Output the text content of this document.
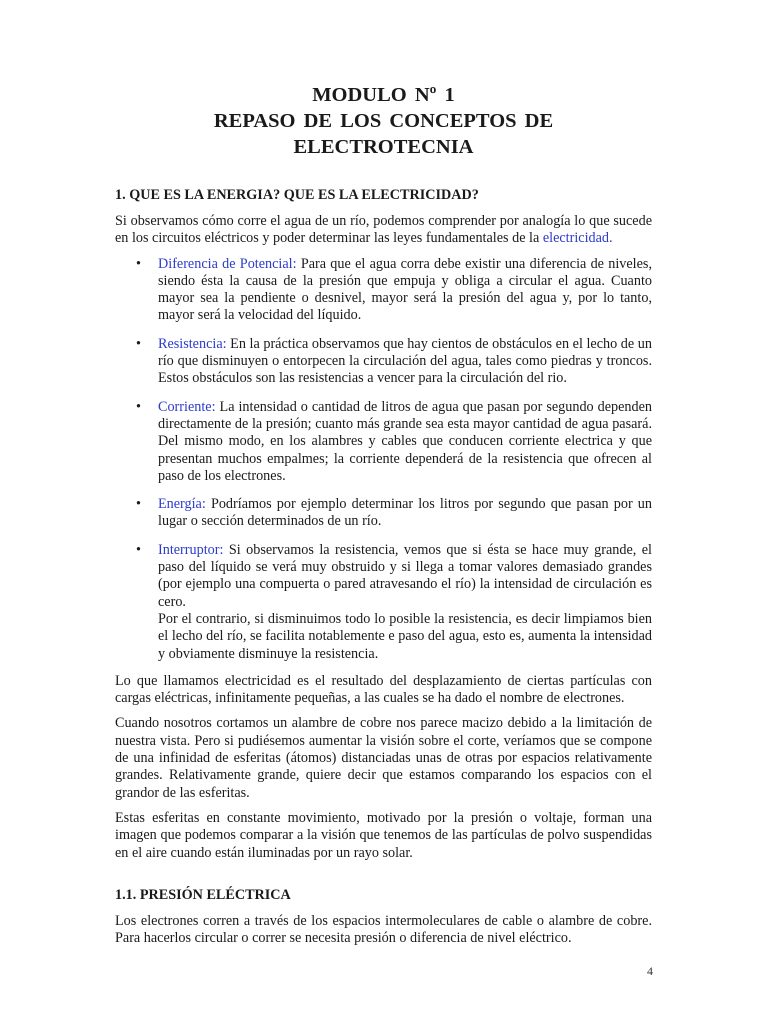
MODULO Nº 1
REPASO DE LOS CONCEPTOS DE
ELECTROTECNIA
1. QUE ES LA ENERGIA? QUE ES LA ELECTRICIDAD?

Si observamos cómo corre el agua de un río, podemos comprender por analogía lo que sucede en los circuitos eléctricos y poder determinar las leyes fundamentales de la electricidad.

• Diferencia de Potencial: Para que el agua corra debe existir una diferencia de niveles, siendo ésta la causa de la presión que empuja y obliga a circular el agua. Cuanto mayor sea la pendiente o desnivel, mayor será la presión del agua y, por lo tanto, mayor será la velocidad del líquido.
• Resistencia: En la práctica observamos que hay cientos de obstáculos en el lecho de un río que disminuyen o entorpecen la circulación del agua, tales como piedras y troncos. Estos obstáculos son las resistencias a vencer para la circulación del rio.
• Corriente: La intensidad o cantidad de litros de agua que pasan por segundo dependen directamente de la presión; cuanto más grande sea esta mayor cantidad de agua pasará. Del mismo modo, en los alambres y cables que conducen corriente electrica y que presentan muchos empalmes; la corriente dependerá de la resistencia que ofrecen al paso de los electrones.
• Energía: Podríamos por ejemplo determinar los litros por segundo que pasan por un lugar o sección determinados de un río.
• Interruptor: Si observamos la resistencia, vemos que si ésta se hace muy grande, el paso del líquido se verá muy obstruido y si llega a tomar valores demasiado grandes (por ejemplo una compuerta o pared atravesando el río) la intensidad de circulación es cero.
Por el contrario, si disminuimos todo lo posible la resistencia, es decir limpiamos bien el lecho del río, se facilita notablemente e paso del agua, esto es, aumenta la intensidad y obviamente disminuye la resistencia.

Lo que llamamos electricidad es el resultado del desplazamiento de ciertas partículas con cargas eléctricas, infinitamente pequeñas, a las cuales se ha dado el nombre de electrones.

Cuando nosotros cortamos un alambre de cobre nos parece macizo debido a la limitación de nuestra vista. Pero si pudiésemos aumentar la visión sobre el corte, veríamos que se compone de una infinidad de esferitas (átomos) distanciadas unas de otras por espacios relativamente grandes. Relativamente grande, quiere decir que estamos comparando los espacios con el grandor de las esferitas.

Estas esferitas en constante movimiento, motivado por la presión o voltaje, forman una imagen que podemos comparar a la visión que tenemos de las partículas de polvo suspendidas en el aire cuando están iluminadas por un rayo solar.

1.1. PRESIÓN ELÉCTRICA

Los electrones corren a través de los espacios intermoleculares de cable o alambre de cobre. Para hacerlos circular o correr se necesita presión o diferencia de nivel eléctrico.

4
